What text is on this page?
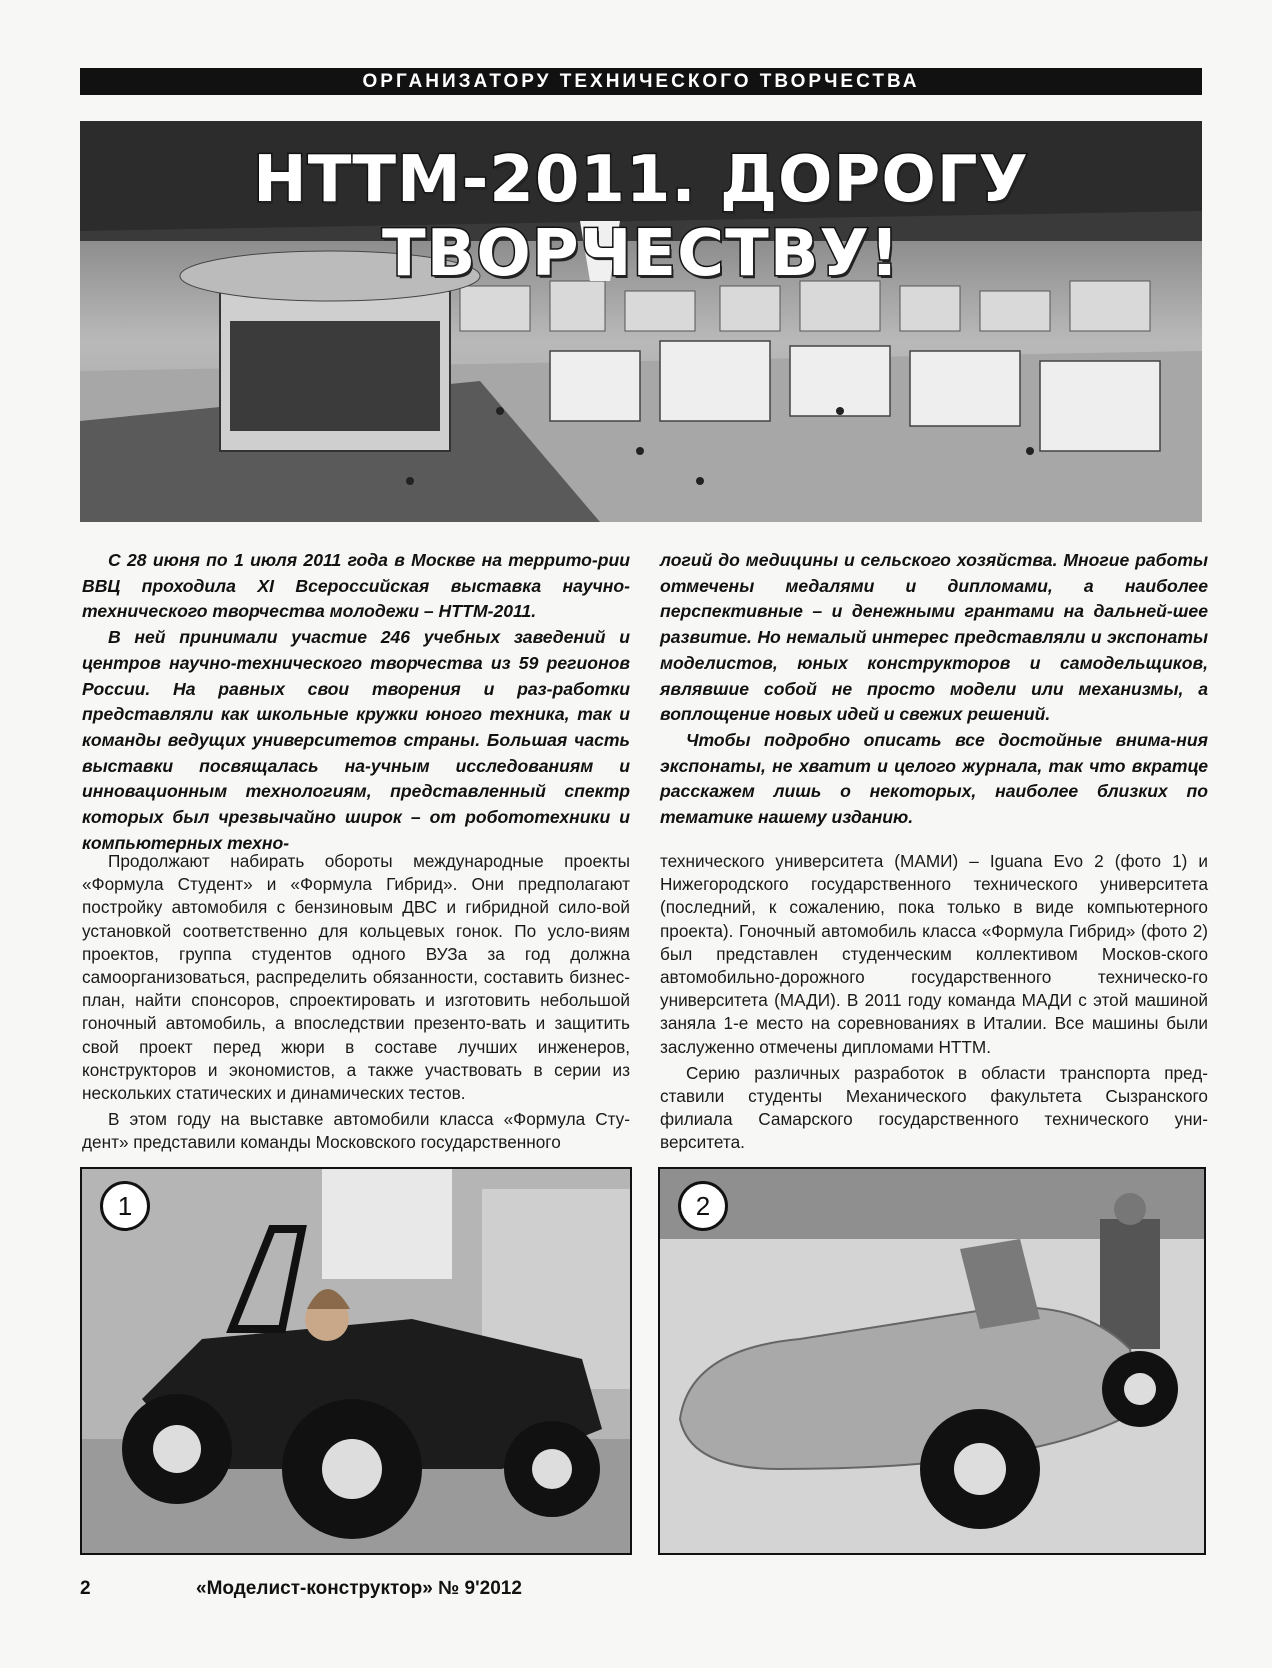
ОРГАНИЗАТОРУ ТЕХНИЧЕСКОГО ТВОРЧЕСТВА
НТТМ-2011. ДОРОГУ ТВОРЧЕСТВУ!

С 28 июня по 1 июля 2011 года в Москве на террито-рии ВВЦ проходила XI Всероссийская выставка научно-технического творчества молодежи – НТТМ-2011.

В ней принимали участие 246 учебных заведений и центров научно-технического творчества из 59 регионов России. На равных свои творения и раз-работки представляли как школьные кружки юного техника, так и команды ведущих университетов страны. Большая часть выставки посвящалась на-учным исследованиям и инновационным технологиям, представленный спектр которых был чрезвычайно широк – от робототехники и компьютерных техно-

логий до медицины и сельского хозяйства. Многие работы отмечены медалями и дипломами, а наиболее перспективные – и денежными грантами на дальней-шее развитие. Но немалый интерес представляли и экспонаты моделистов, юных конструкторов и самодельщиков, являвшие собой не просто модели или механизмы, а воплощение новых идей и свежих решений.

Чтобы подробно описать все достойные внима-ния экспонаты, не хватит и целого журнала, так что вкратце расскажем лишь о некоторых, наиболее близких по тематике нашему изданию.

Продолжают набирать обороты международные проекты «Формула Студент» и «Формула Гибрид». Они предполагают постройку автомобиля с бензиновым ДВС и гибридной сило-вой установкой соответственно для кольцевых гонок. По усло-виям проектов, группа студентов одного ВУЗа за год должна самоорганизоваться, распределить обязанности, составить бизнес-план, найти спонсоров, спроектировать и изготовить небольшой гоночный автомобиль, а впоследствии презенто-вать и защитить свой проект перед жюри в составе лучших инженеров, конструкторов и экономистов, а также участвовать в серии из нескольких статических и динамических тестов.

В этом году на выставке автомобили класса «Формула Сту-дент» представили команды Московского государственного

технического университета (МАМИ) – Iguana Evo 2 (фото 1) и Нижегородского государственного технического университета (последний, к сожалению, пока только в виде компьютерного проекта). Гоночный автомобиль класса «Формула Гибрид» (фото 2) был представлен студенческим коллективом Москов-ского автомобильно-дорожного государственного техническо-го университета (МАДИ). В 2011 году команда МАДИ с этой машиной заняла 1-е место на соревнованиях в Италии. Все машины были заслуженно отмечены дипломами НТТМ.

Серию различных разработок в области транспорта пред-ставили студенты Механического факультета Сызранского филиала Самарского государственного технического уни-верситета.

1	2
2	«Моделист-конструктор» № 9'2012
